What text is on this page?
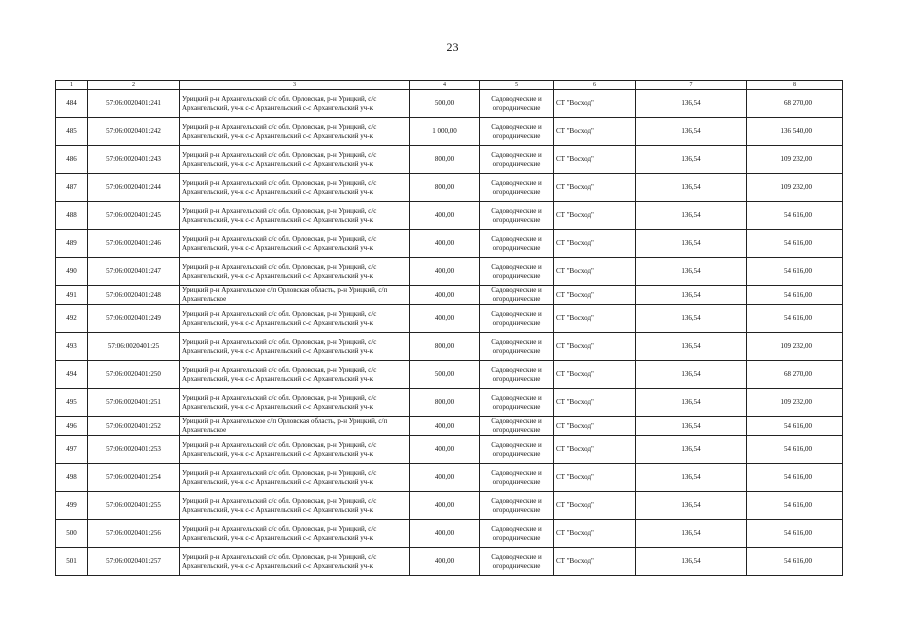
23
1	2	3	4	5	6	7	8
484	57:06:0020401:241	Урицкий р-н Архангельский с/с обл. Орловская, р-н Урицкий, с/с Архангельский, уч-к с-с Архангельский с-с Архангельский уч-к	500,00	Садоводческие и огороднические	СТ "Восход"	136,54	68 270,00
485	57:06:0020401:242	Урицкий р-н Архангельский с/с обл. Орловская, р-н Урицкий, с/с Архангельский, уч-к с-с Архангельский с-с Архангельский уч-к	1 000,00	Садоводческие и огороднические	СТ "Восход"	136,54	136 540,00
486	57:06:0020401:243	Урицкий р-н Архангельский с/с обл. Орловская, р-н Урицкий, с/с Архангельский, уч-к с-с Архангельский с-с Архангельский уч-к	800,00	Садоводческие и огороднические	СТ "Восход"	136,54	109 232,00
487	57:06:0020401:244	Урицкий р-н Архангельский с/с обл. Орловская, р-н Урицкий, с/с Архангельский, уч-к с-с Архангельский с-с Архангельский уч-к	800,00	Садоводческие и огороднические	СТ "Восход"	136,54	109 232,00
488	57:06:0020401:245	Урицкий р-н Архангельский с/с обл. Орловская, р-н Урицкий, с/с Архангельский, уч-к с-с Архангельский с-с Архангельский уч-к	400,00	Садоводческие и огороднические	СТ "Восход"	136,54	54 616,00
489	57:06:0020401:246	Урицкий р-н Архангельский с/с обл. Орловская, р-н Урицкий, с/с Архангельский, уч-к с-с Архангельский с-с Архангельский уч-к	400,00	Садоводческие и огороднические	СТ "Восход"	136,54	54 616,00
490	57:06:0020401:247	Урицкий р-н Архангельский с/с обл. Орловская, р-н Урицкий, с/с Архангельский, уч-к с-с Архангельский с-с Архангельский уч-к	400,00	Садоводческие и огороднические	СТ "Восход"	136,54	54 616,00
491	57:06:0020401:248	Урицкий р-н Архангельское с/п Орловская область, р-н Урицкий, с/п Архангельское	400,00	Садоводческие и огороднические	СТ "Восход"	136,54	54 616,00
492	57:06:0020401:249	Урицкий р-н Архангельский с/с обл. Орловская, р-н Урицкий, с/с Архангельский, уч-к с-с Архангельский с-с Архангельский уч-к	400,00	Садоводческие и огороднические	СТ "Восход"	136,54	54 616,00
493	57:06:0020401:25	Урицкий р-н Архангельский с/с обл. Орловская, р-н Урицкий, с/с Архангельский, уч-к с-с Архангельский с-с Архангельский уч-к	800,00	Садоводческие и огороднические	СТ "Восход"	136,54	109 232,00
494	57:06:0020401:250	Урицкий р-н Архангельский с/с обл. Орловская, р-н Урицкий, с/с Архангельский, уч-к с-с Архангельский с-с Архангельский уч-к	500,00	Садоводческие и огороднические	СТ "Восход"	136,54	68 270,00
495	57:06:0020401:251	Урицкий р-н Архангельский с/с обл. Орловская, р-н Урицкий, с/с Архангельский, уч-к с-с Архангельский с-с Архангельский уч-к	800,00	Садоводческие и огороднические	СТ "Восход"	136,54	109 232,00
496	57:06:0020401:252	Урицкий р-н Архангельское с/п Орловская область, р-н Урицкий, с/п Архангельское	400,00	Садоводческие и огороднические	СТ "Восход"	136,54	54 616,00
497	57:06:0020401:253	Урицкий р-н Архангельский с/с обл. Орловская, р-н Урицкий, с/с Архангельский, уч-к с-с Архангельский с-с Архангельский уч-к	400,00	Садоводческие и огороднические	СТ "Восход"	136,54	54 616,00
498	57:06:0020401:254	Урицкий р-н Архангельский с/с обл. Орловская, р-н Урицкий, с/с Архангельский, уч-к с-с Архангельский с-с Архангельский уч-к	400,00	Садоводческие и огороднические	СТ "Восход"	136,54	54 616,00
499	57:06:0020401:255	Урицкий р-н Архангельский с/с обл. Орловская, р-н Урицкий, с/с Архангельский, уч-к с-с Архангельский с-с Архангельский уч-к	400,00	Садоводческие и огороднические	СТ "Восход"	136,54	54 616,00
500	57:06:0020401:256	Урицкий р-н Архангельский с/с обл. Орловская, р-н Урицкий, с/с Архангельский, уч-к с-с Архангельский с-с Архангельский уч-к	400,00	Садоводческие и огороднические	СТ "Восход"	136,54	54 616,00
501	57:06:0020401:257	Урицкий р-н Архангельский с/с обл. Орловская, р-н Урицкий, с/с Архангельский, уч-к с-с Архангельский с-с Архангельский уч-к	400,00	Садоводческие и огороднические	СТ "Восход"	136,54	54 616,00
